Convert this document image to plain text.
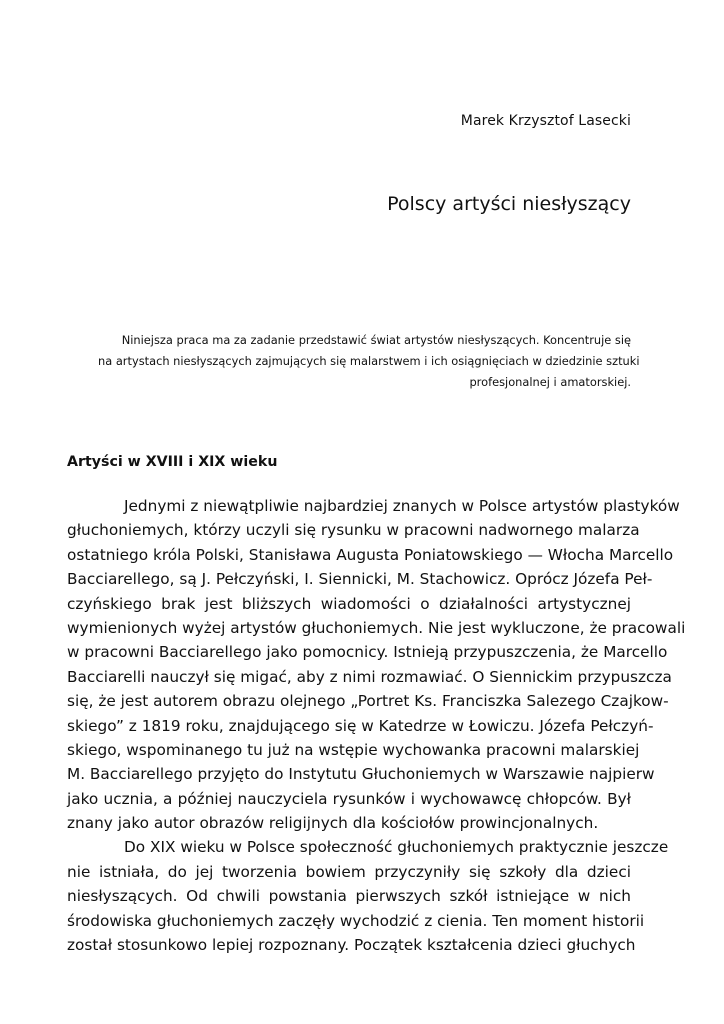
Marek Krzysztof Lasecki
Polscy artyści niesłyszący
Niniejsza praca ma za zadanie przedstawić świat artystów niesłyszących. Koncentruje się
na artystach niesłyszących zajmujących się malarstwem i ich osiągnięciach w dziedzinie sztuki
profesjonalnej i amatorskiej.
Artyści w XVIII i XIX wieku
Jednymi z niewątpliwie najbardziej znanych w Polsce artystów plastyków
głuchoniemych, którzy uczyli się rysunku w pracowni nadwornego malarza
ostatniego króla Polski, Stanisława Augusta Poniatowskiego — Włocha Marcello
Bacciarellego, są J. Pełczyński, I. Siennicki, M. Stachowicz. Oprócz Józefa Peł-
czyńskiego brak jest bliższych wiadomości o działalności artystycznej
wymienionych wyżej artystów głuchoniemych. Nie jest wykluczone, że pracowali
w pracowni Bacciarellego jako pomocnicy. Istnieją przypuszczenia, że Marcello
Bacciarelli nauczył się migać, aby z nimi rozmawiać. O Siennickim przypuszcza
się, że jest autorem obrazu olejnego „Portret Ks. Franciszka Salezego Czajkow-
skiego” z 1819 roku, znajdującego się w Katedrze w Łowiczu. Józefa Pełczyń-
skiego, wspominanego tu już na wstępie wychowanka pracowni malarskiej
M. Bacciarellego przyjęto do Instytutu Głuchoniemych w Warszawie najpierw
jako ucznia, a później nauczyciela rysunków i wychowawcę chłopców. Był
znany jako autor obrazów religijnych dla kościołów prowincjonalnych.
Do XIX wieku w Polsce społeczność głuchoniemych praktycznie jeszcze
nie istniała, do jej tworzenia bowiem przyczyniły się szkoły dla dzieci
niesłyszących. Od chwili powstania pierwszych szkół istniejące w nich
środowiska głuchoniemych zaczęły wychodzić z cienia. Ten moment historii
został stosunkowo lepiej rozpoznany. Początek kształcenia dzieci głuchych
